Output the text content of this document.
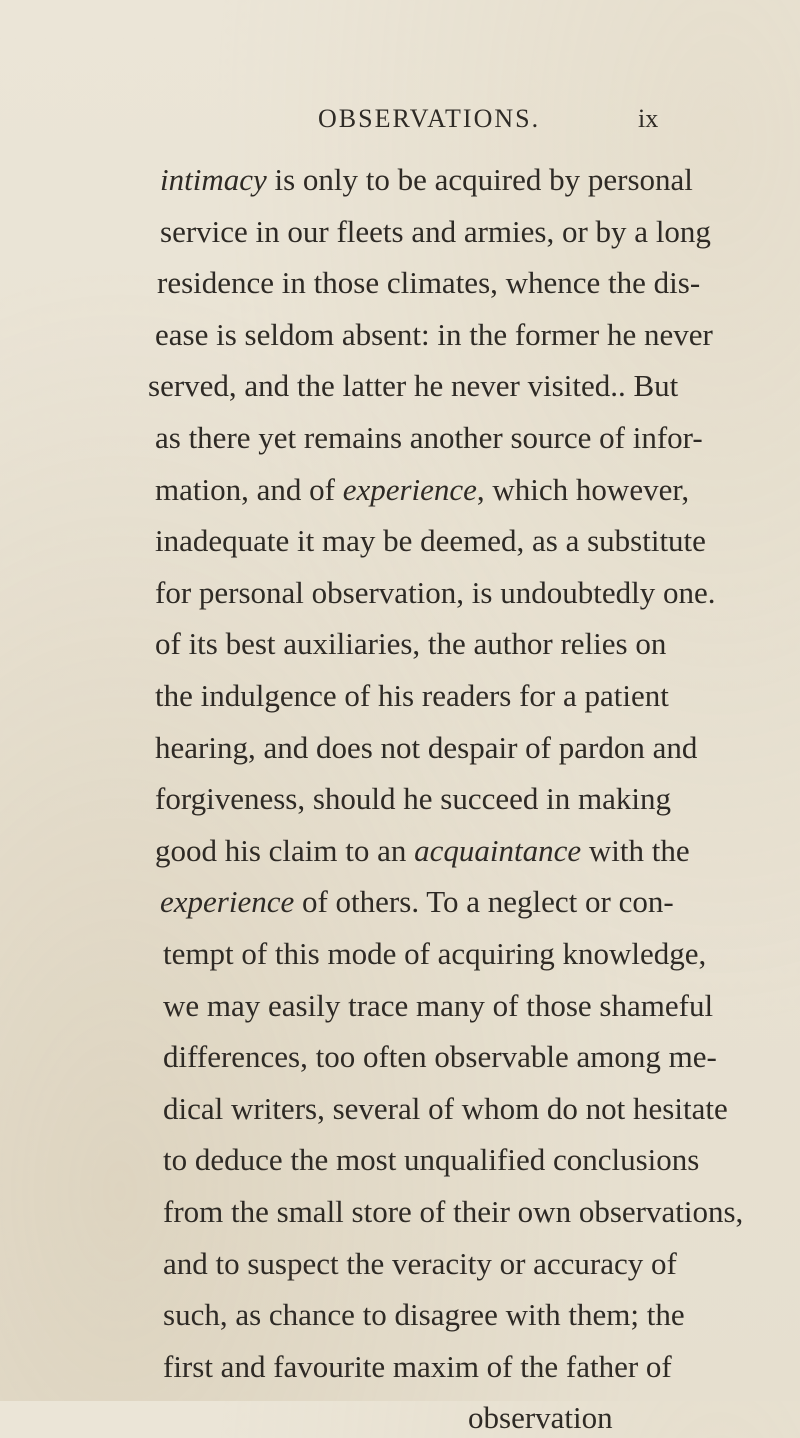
OBSERVATIONS.	ix
intimacy is only to be acquired by personal
service in our fleets and armies, or by a long
residence in those climates, whence the dis-
ease is seldom absent: in the former he never
served, and the latter he never visited.. But
as there yet remains another source of infor-
mation, and of experience, which however,
inadequate it may be deemed, as a substitute
for personal observation, is undoubtedly one.
of its best auxiliaries, the author relies on
the indulgence of his readers for a patient
hearing, and does not despair of pardon and
forgiveness, should he succeed in making
good his claim to an acquaintance with the
experience of others. To a neglect or con-
tempt of this mode of acquiring knowledge,
we may easily trace many of those shameful
differences, too often observable among me-
dical writers, several of whom do not hesitate
to deduce the most unqualified conclusions
from the small store of their own observations,
and to suspect the veracity or accuracy of
such, as chance to disagree with them; the
first and favourite maxim of the father of
observation
